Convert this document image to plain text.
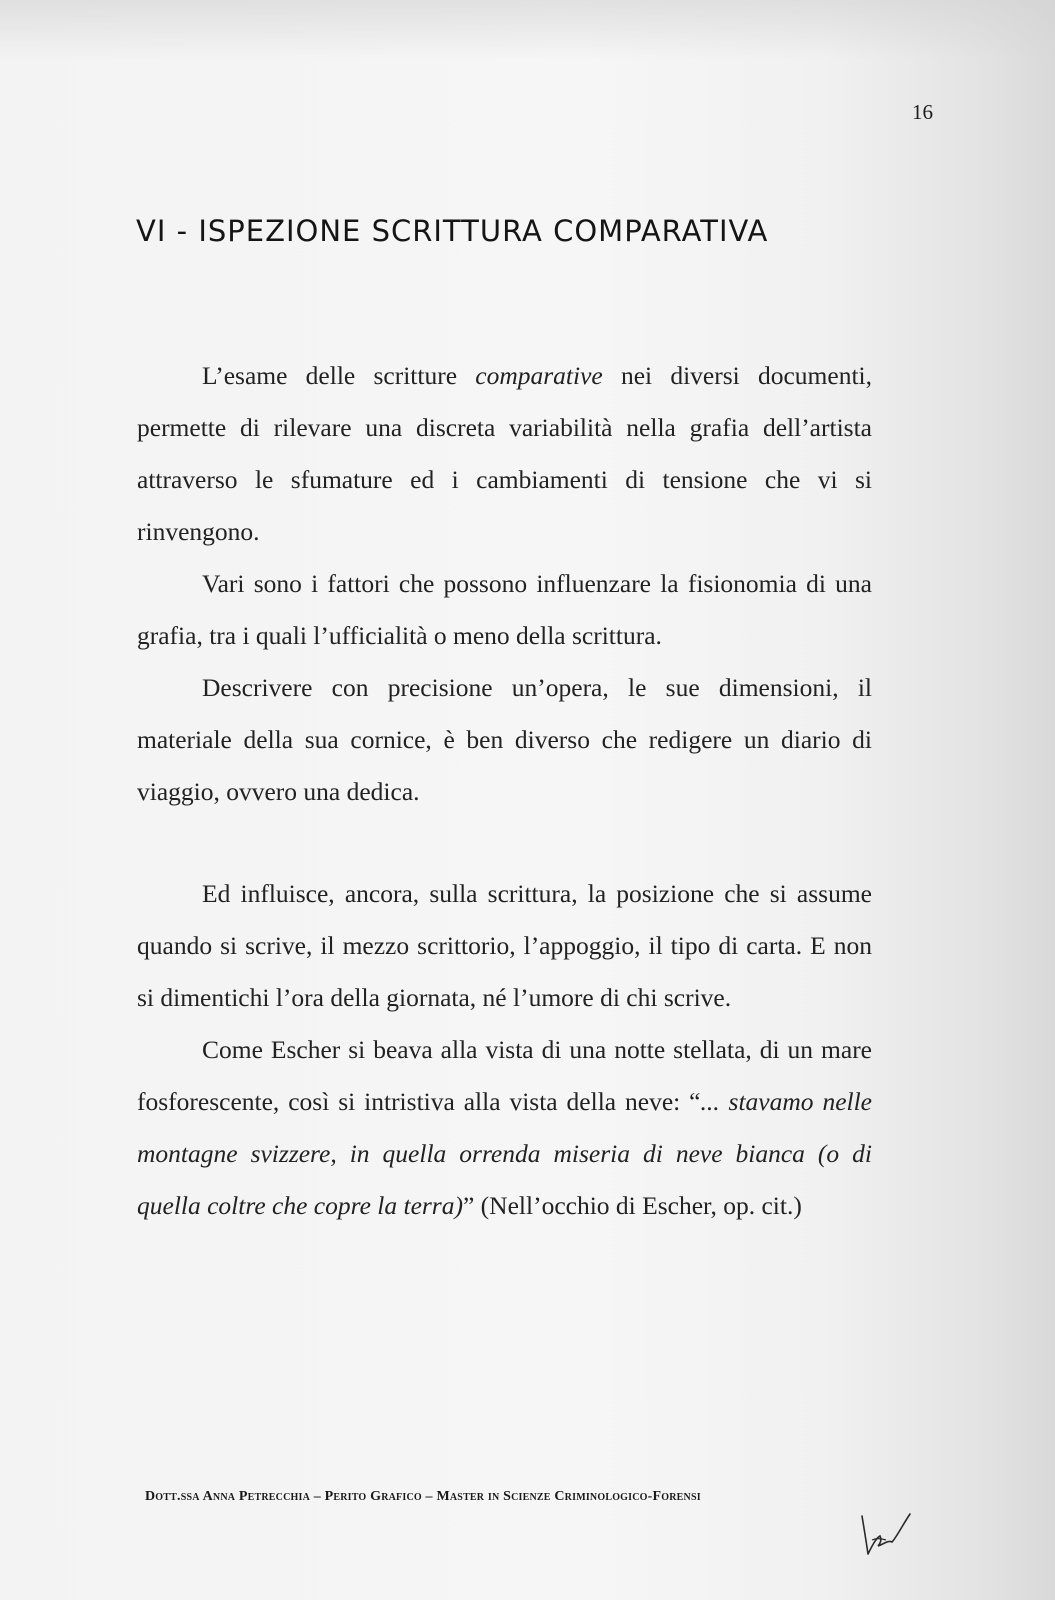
16
VI - ISPEZIONE SCRITTURA COMPARATIVA

L’esame delle scritture comparative nei diversi documenti, permette di rilevare una discreta variabilità nella grafia dell’artista attraverso le sfumature ed i cambiamenti di tensione che vi si rinvengono.

Vari sono i fattori che possono influenzare la fisionomia di una grafia, tra i quali l’ufficialità o meno della scrittura.

Descrivere con precisione un’opera, le sue dimensioni, il materiale della sua cornice, è ben diverso che redigere un diario di viaggio, ovvero una dedica.

Ed influisce, ancora, sulla scrittura, la posizione che si assume quando si scrive, il mezzo scrittorio, l’appoggio, il tipo di carta. E non si dimentichi l’ora della giornata, né l’umore di chi scrive.

Come Escher si beava alla vista di una notte stellata, di un mare fosforescente, così si intristiva alla vista della neve: “... stavamo nelle montagne svizzere, in quella orrenda miseria di neve bianca (o di quella coltre che copre la terra)” (Nell’occhio di Escher, op. cit.)

Dott.ssa Anna Petrecchia – Perito Grafico – Master in Scienze Criminologico-Forensi
